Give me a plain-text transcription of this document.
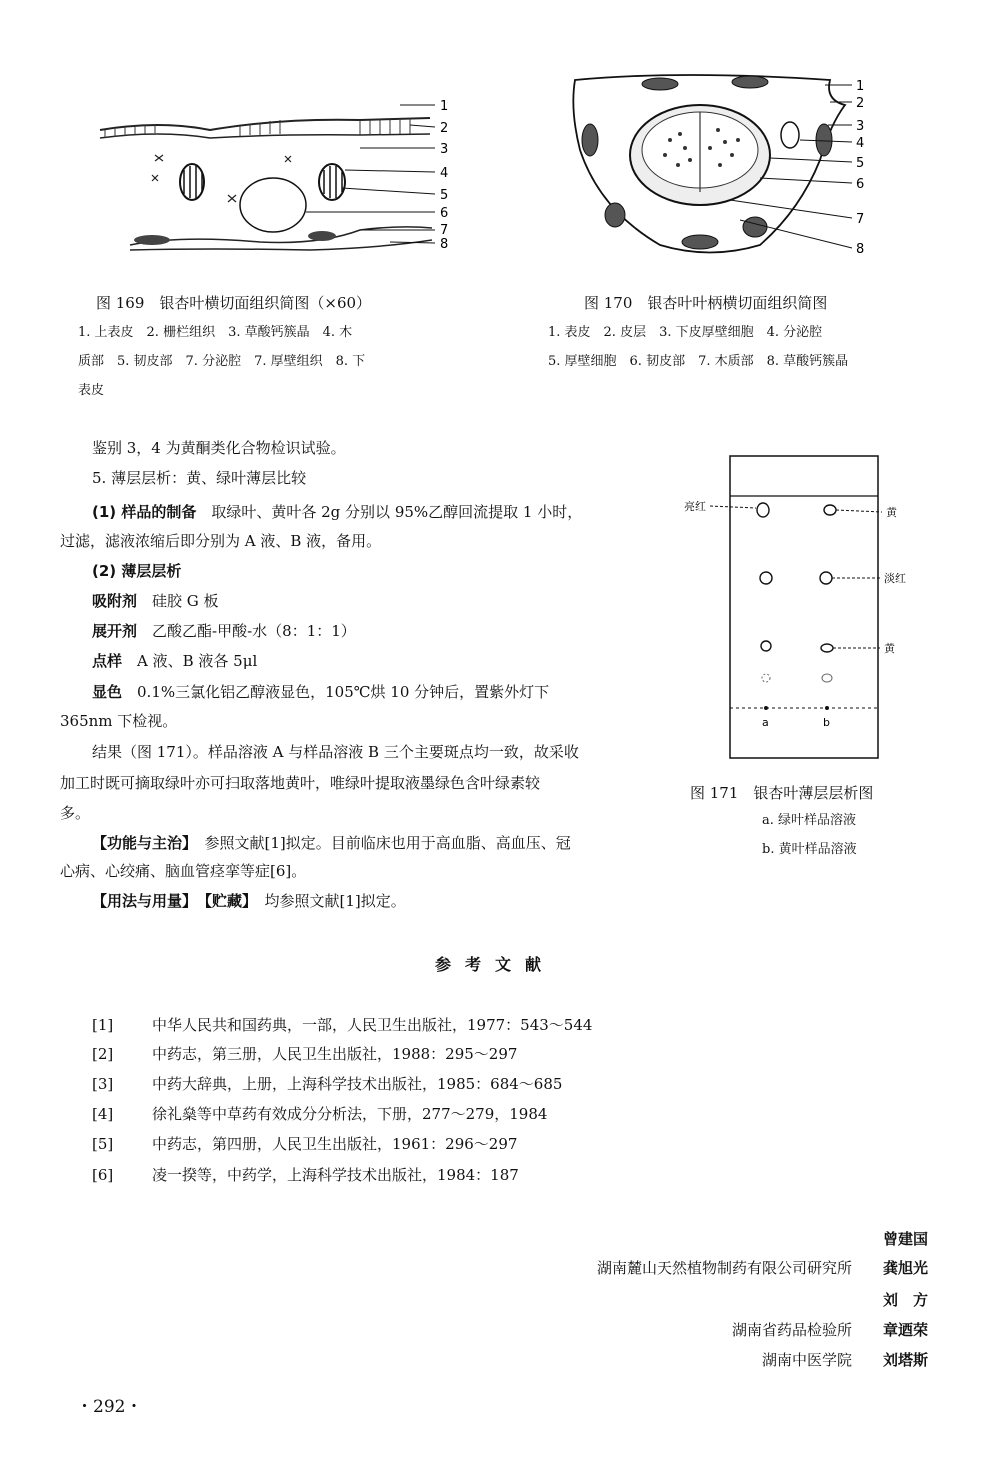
1
2
3
4
5
6
7
8
图 169　银杏叶横切面组织简图（×60）
1. 上表皮　2. 栅栏组织　3. 草酸钙簇晶　4. 木
质部　5. 韧皮部　7. 分泌腔　7. 厚壁组织　8. 下
表皮
1
2
3
4
5
6
7
8
图 170　银杏叶叶柄横切面组织简图
1. 表皮　2. 皮层　3. 下皮厚壁细胞　4. 分泌腔
5. 厚壁细胞　6. 韧皮部　7. 木质部　8. 草酸钙簇晶
亮红	黄
淡红
黄
a	b
图 171　银杏叶薄层层析图
a. 绿叶样品溶液
b. 黄叶样品溶液
鉴别 3，4 为黄酮类化合物检识试验。
5. 薄层层析：黄、绿叶薄层比较
(1) 样品的制备　取绿叶、黄叶各 2g 分别以 95%乙醇回流提取 1 小时，
过滤，滤液浓缩后即分别为 A 液、B 液，备用。
(2) 薄层层析
吸附剂　硅胶 G 板
展开剂　乙酸乙酯-甲酸-水（8：1：1）
点样　A 液、B 液各 5μl
显色　0.1%三氯化铝乙醇液显色，105℃烘 10 分钟后，置紫外灯下
365nm 下检视。
结果（图 171）。样品溶液 A 与样品溶液 B 三个主要斑点均一致，故采收
加工时既可摘取绿叶亦可扫取落地黄叶，唯绿叶提取液墨绿色含叶绿素较
多。
【功能与主治】　参照文献[1]拟定。目前临床也用于高血脂、高血压、冠
心病、心绞痛、脑血管痉挛等症[6]。
【用法与用量】　【贮藏】　均参照文献[1]拟定。
参考文献
[1]	中华人民共和国药典，一部，人民卫生出版社，1977：543～544
[2]	中药志，第三册，人民卫生出版社，1988：295～297
[3]	中药大辞典，上册，上海科学技术出版社，1985：684～685
[4]	徐礼燊等中草药有效成分分析法，下册，277～279，1984
[5]	中药志，第四册，人民卫生出版社，1961：296～297
[6]	凌一揆等，中药学，上海科学技术出版社，1984：187
曾建国
湖南麓山天然植物制药有限公司研究所 龚旭光
刘　方
湖南省药品检验所 章迺荣
湖南中医学院 刘塔斯
・292・
